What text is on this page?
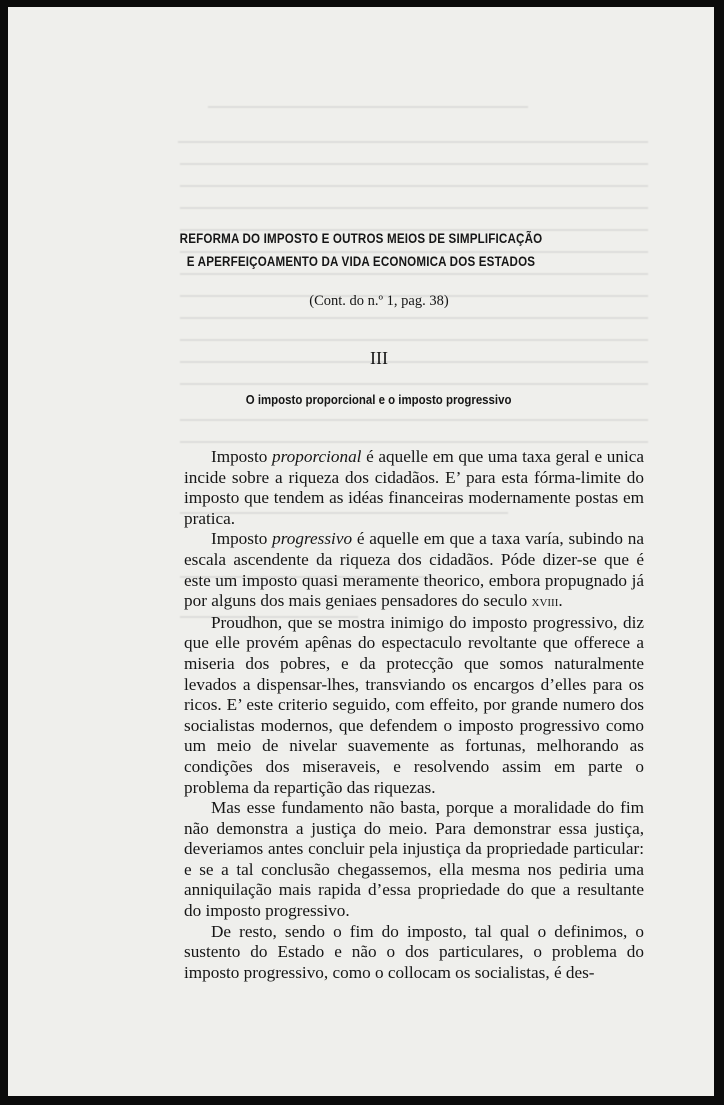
REFORMA DO IMPOSTO E OUTROS MEIOS DE SIMPLIFICAÇÃO
E APERFEIÇOAMENTO DA VIDA ECONOMICA DOS ESTADOS
(Cont. do n.º 1, pag. 38)
III
O imposto proporcional e o imposto progressivo

Imposto proporcional é aquelle em que uma taxa geral e unica incide sobre a riqueza dos cidadãos. E’ para esta fórma-limite do imposto que tendem as idéas financeiras modernamente postas em pratica.

Imposto progressivo é aquelle em que a taxa varía, subindo na escala ascendente da riqueza dos cidadãos. Póde dizer-se que é este um imposto quasi meramente theorico, embora propugnado já por alguns dos mais geniaes pensadores do seculo xviii.

Proudhon, que se mostra inimigo do imposto progressivo, diz que elle provém apênas do espectaculo revoltante que offerece a miseria dos pobres, e da protecção que somos naturalmente levados a dispensar-lhes, transviando os encargos d’elles para os ricos. E’ este criterio seguido, com effeito, por grande numero dos socialistas modernos, que defendem o imposto progressivo como um meio de nivelar suavemente as fortunas, melhorando as condições dos miseraveis, e resolvendo assim em parte o problema da repartição das riquezas.

Mas esse fundamento não basta, porque a moralidade do fim não demonstra a justiça do meio. Para demonstrar essa justiça, deveriamos antes concluir pela injustiça da propriedade particular: e se a tal conclusão chegassemos, ella mesma nos pediria uma anniquilação mais rapida d’essa propriedade do que a resultante do imposto progressivo.

De resto, sendo o fim do imposto, tal qual o definimos, o sustento do Estado e não o dos particulares, o problema do imposto progressivo, como o collocam os socialistas, é des-
